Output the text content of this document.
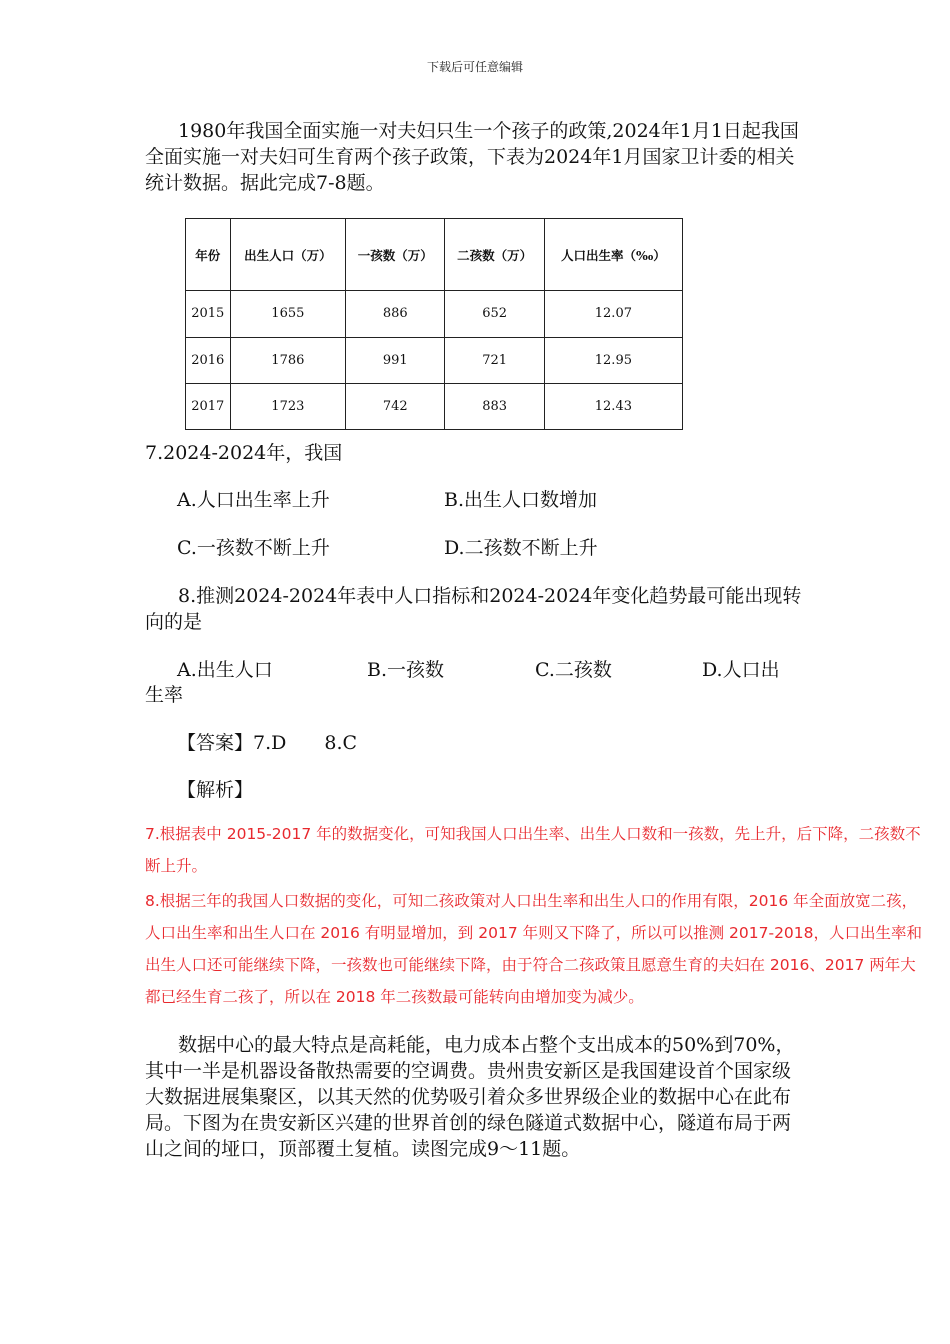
下载后可任意编辑

1980年我国全面实施一对夫妇只生一个孩子的政策,2024年1月1日起我国全面实施一对夫妇可生育两个孩子政策，下表为2024年1月国家卫计委的相关统计数据。据此完成7-8题。

年份	出生人口（万）	一孩数（万）	二孩数（万）	人口出生率（‰）
2015	1655	886	652	12.07
2016	1786	991	721	12.95
2017	1723	742	883	12.43
7.2024-2024年，我国
A.人口出生率上升	B.出生人口数增加
C.一孩数不断上升	D.二孩数不断上升

8.推测2024-2024年表中人口指标和2024-2024年变化趋势最可能出现转向的是

A.出生人口	B.一孩数	C.二孩数	D.人口出
生率
【答案】7.D　　8.C
【解析】

7.根据表中 2015-2017 年的数据变化，可知我国人口出生率、出生人口数和一孩数，先上升，后下降，二孩数不断上升。

8.根据三年的我国人口数据的变化，可知二孩政策对人口出生率和出生人口的作用有限，2016 年全面放宽二孩，人口出生率和出生人口在 2016 有明显增加，到 2017 年则又下降了，所以可以推测 2017-2018，人口出生率和出生人口还可能继续下降，一孩数也可能继续下降，由于符合二孩政策且愿意生育的夫妇在 2016、2017 两年大都已经生育二孩了，所以在 2018 年二孩数最可能转向由增加变为减少。

数据中心的最大特点是高耗能，电力成本占整个支出成本的50%到70%，其中一半是机器设备散热需要的空调费。贵州贵安新区是我国建设首个国家级大数据进展集聚区，以其天然的优势吸引着众多世界级企业的数据中心在此布局。下图为在贵安新区兴建的世界首创的绿色隧道式数据中心，隧道布局于两山之间的垭口，顶部覆土复植。读图完成9～11题。
